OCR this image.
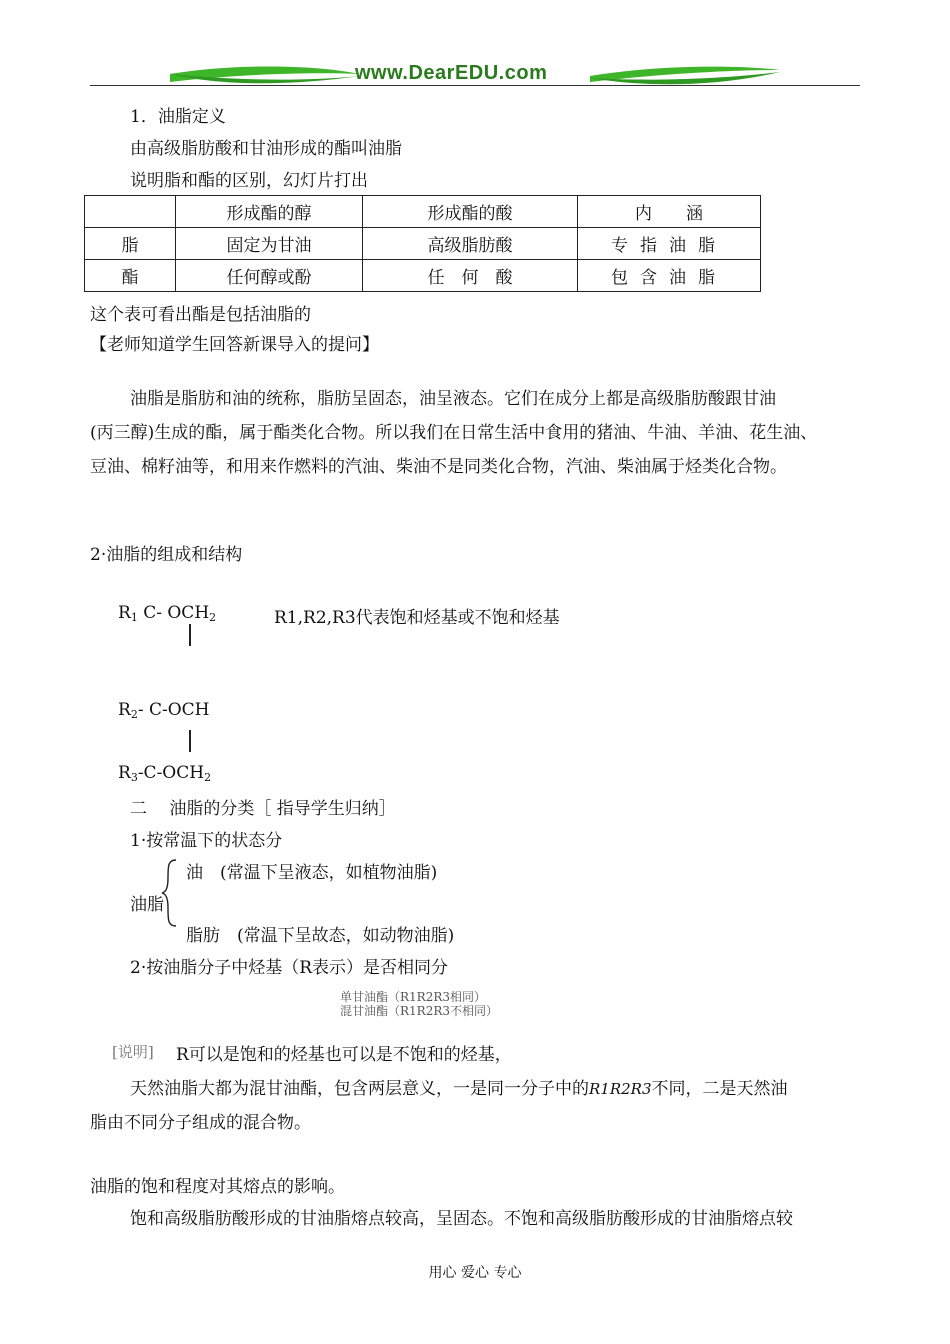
www.DearEDU.com
1．油脂定义
由高级脂肪酸和甘油形成的酯叫油脂
说明脂和酯的区别，幻灯片打出
	形成酯的醇	形成酯的酸	内　　涵
脂	固定为甘油	高级脂肪酸	专指油脂
酯	任何醇或酚	任　何　酸	包含油脂
这个表可看出酯是包括油脂的
【老师知道学生回答新课导入的提问】
油脂是脂肪和油的统称，脂肪呈固态，油呈液态。它们在成分上都是高级脂肪酸跟甘油
(丙三醇)生成的酯，属于酯类化合物。所以我们在日常生活中食用的猪油、牛油、羊油、花生油、
豆油、棉籽油等，和用来作燃料的汽油、柴油不是同类化合物，汽油、柴油属于烃类化合物。
2·油脂的组成和结构
$R_1$ C- $OCH_2$	R1,R2,R3代表饱和烃基或不饱和烃基
$R_2-$ C-OCH
$R_3-C-OCH_2$
二　 油脂的分类［ 指导学生归纳］
1·按常温下的状态分
油　(常温下呈液态，如植物油脂)
油脂
脂肪　(常温下呈故态，如动物油脂)
2·按油脂分子中烃基（R表示）是否相同分
单甘油酯（R1R2R3相同）
混甘油酯（R1R2R3不相同）
[说明] R可以是饱和的烃基也可以是不饱和的烃基，
天然油脂大都为混甘油酯，包含两层意义，一是同一分子中的R1R2R3不同，二是天然油
脂由不同分子组成的混合物。
油脂的饱和程度对其熔点的影响。
饱和高级脂肪酸形成的甘油脂熔点较高，呈固态。不饱和高级脂肪酸形成的甘油脂熔点较
用心 爱心 专心
